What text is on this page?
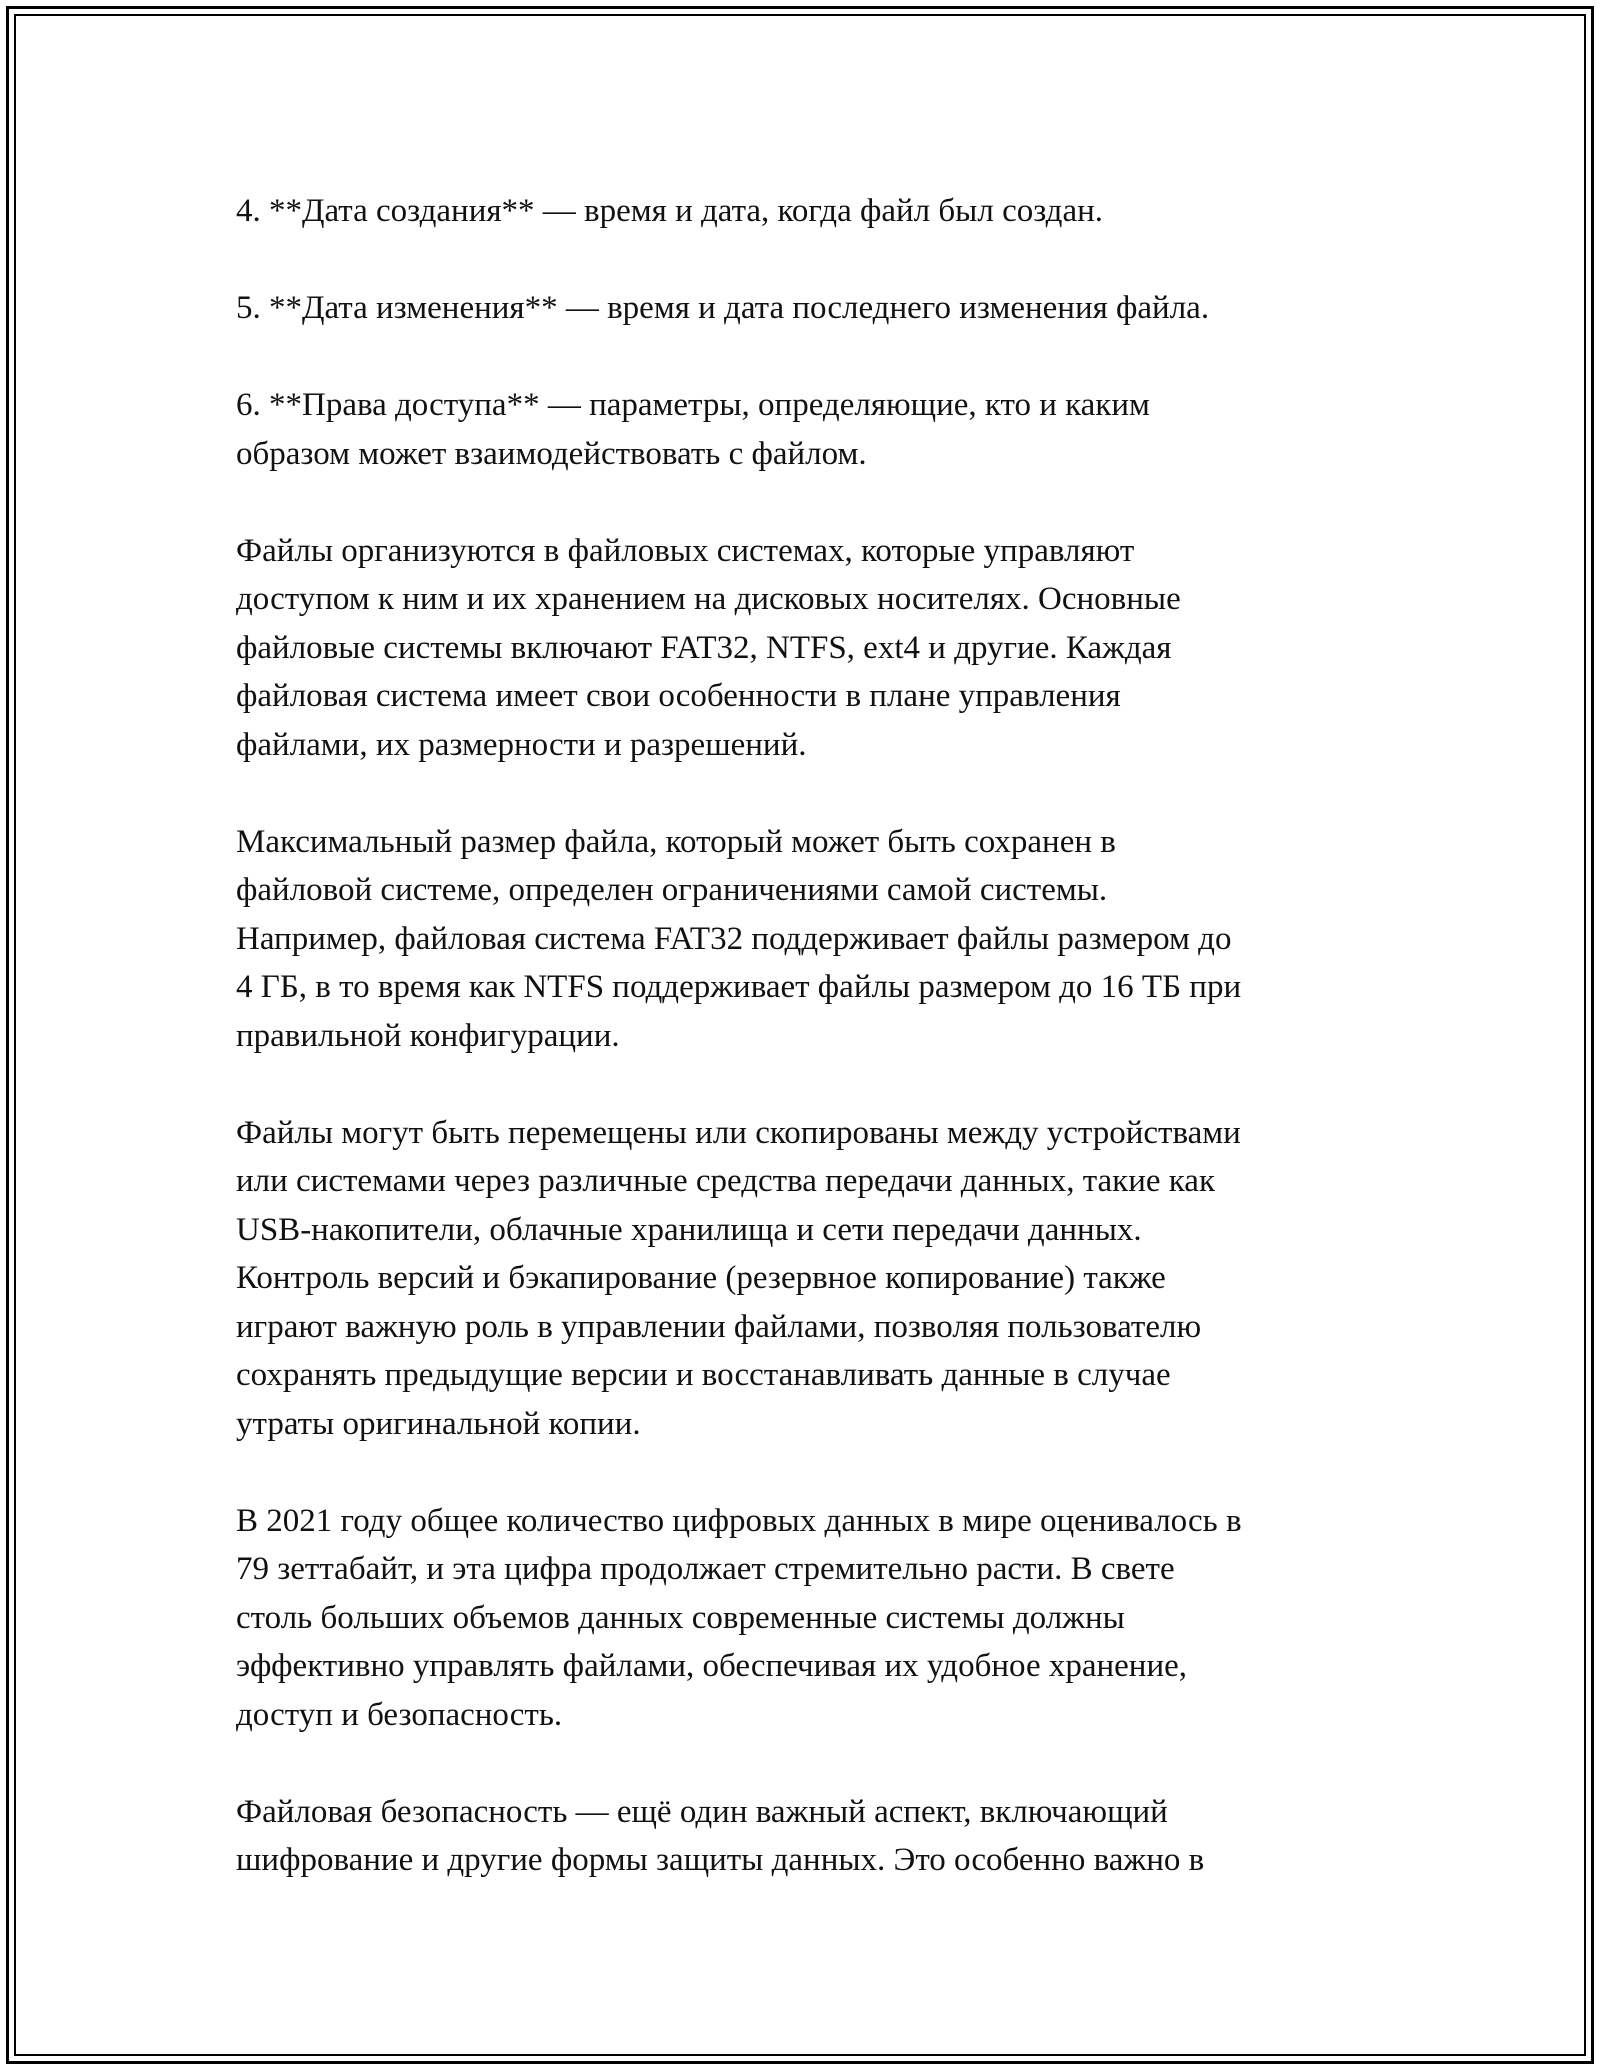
4. **Дата создания** — время и дата, когда файл был создан.

5. **Дата изменения** — время и дата последнего изменения файла.

6. **Права доступа** — параметры, определяющие, кто и каким
образом может взаимодействовать с файлом.

Файлы организуются в файловых системах, которые управляют
доступом к ним и их хранением на дисковых носителях. Основные
файловые системы включают FAT32, NTFS, ext4 и другие. Каждая
файловая система имеет свои особенности в плане управления
файлами, их размерности и разрешений.

Максимальный размер файла, который может быть сохранен в
файловой системе, определен ограничениями самой системы.
Например, файловая система FAT32 поддерживает файлы размером до
4 ГБ, в то время как NTFS поддерживает файлы размером до 16 ТБ при
правильной конфигурации.

Файлы могут быть перемещены или скопированы между устройствами
или системами через различные средства передачи данных, такие как
USB-накопители, облачные хранилища и сети передачи данных.
Контроль версий и бэкапирование (резервное копирование) также
играют важную роль в управлении файлами, позволяя пользователю
сохранять предыдущие версии и восстанавливать данные в случае
утраты оригинальной копии.

В 2021 году общее количество цифровых данных в мире оценивалось в
79 зеттабайт, и эта цифра продолжает стремительно расти. В свете
столь больших объемов данных современные системы должны
эффективно управлять файлами, обеспечивая их удобное хранение,
доступ и безопасность.

Файловая безопасность — ещё один важный аспект, включающий
шифрование и другие формы защиты данных. Это особенно важно в
